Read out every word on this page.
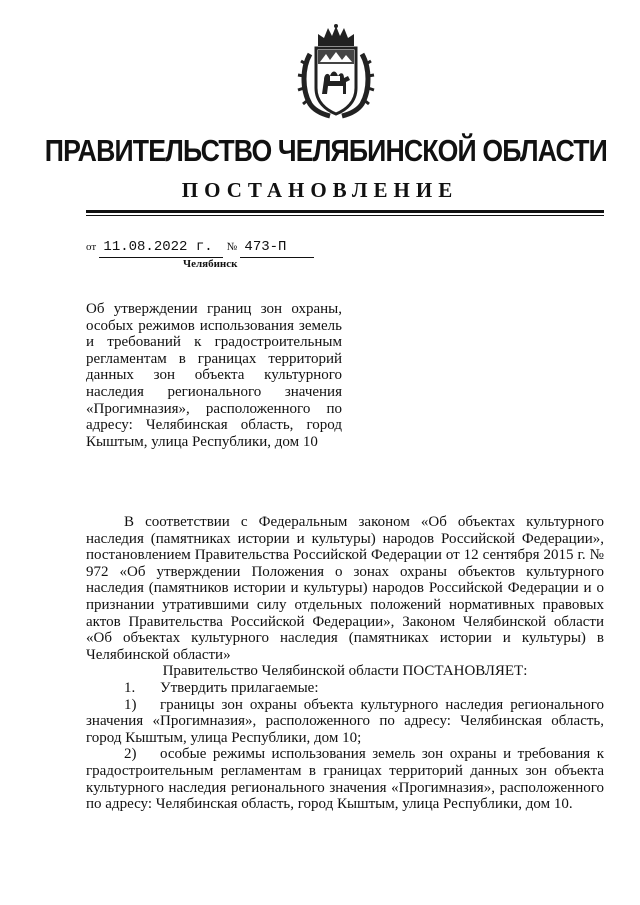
ПРАВИТЕЛЬСТВО ЧЕЛЯБИНСКОЙ ОБЛАСТИ
ПОСТАНОВЛЕНИЕ
от 11.08.2022 г. № 473-П
Челябинск
Об утверждении границ зон охраны, особых режимов использования земель и требований к градостроительным регламентам в границах территорий данных зон объекта культурного наследия регионального значения «Прогимназия», расположенного по адресу: Челябинская область, город Кыштым, улица Республики, дом 10

В соответствии с Федеральным законом «Об объектах культурного наследия (памятниках истории и культуры) народов Российской Федерации», постановлением Правительства Российской Федерации от 12 сентября 2015 г. № 972 «Об утверждении Положения о зонах охраны объектов культурного наследия (памятников истории и культуры) народов Российской Федерации и о признании утратившими силу отдельных положений нормативных правовых актов Правительства Российской Федерации», Законом Челябинской области «Об объектах культурного наследия (памятниках истории и культуры) в Челябинской области»

Правительство Челябинской области ПОСТАНОВЛЯЕТ:

1. Утвердить прилагаемые:

1) границы зон охраны объекта культурного наследия регионального значения «Прогимназия», расположенного по адресу: Челябинская область, город Кыштым, улица Республики, дом 10;

2) особые режимы использования земель зон охраны и требования к градостроительным регламентам в границах территорий данных зон объекта культурного наследия регионального значения «Прогимназия», расположенного по адресу: Челябинская область, город Кыштым, улица Республики, дом 10.
